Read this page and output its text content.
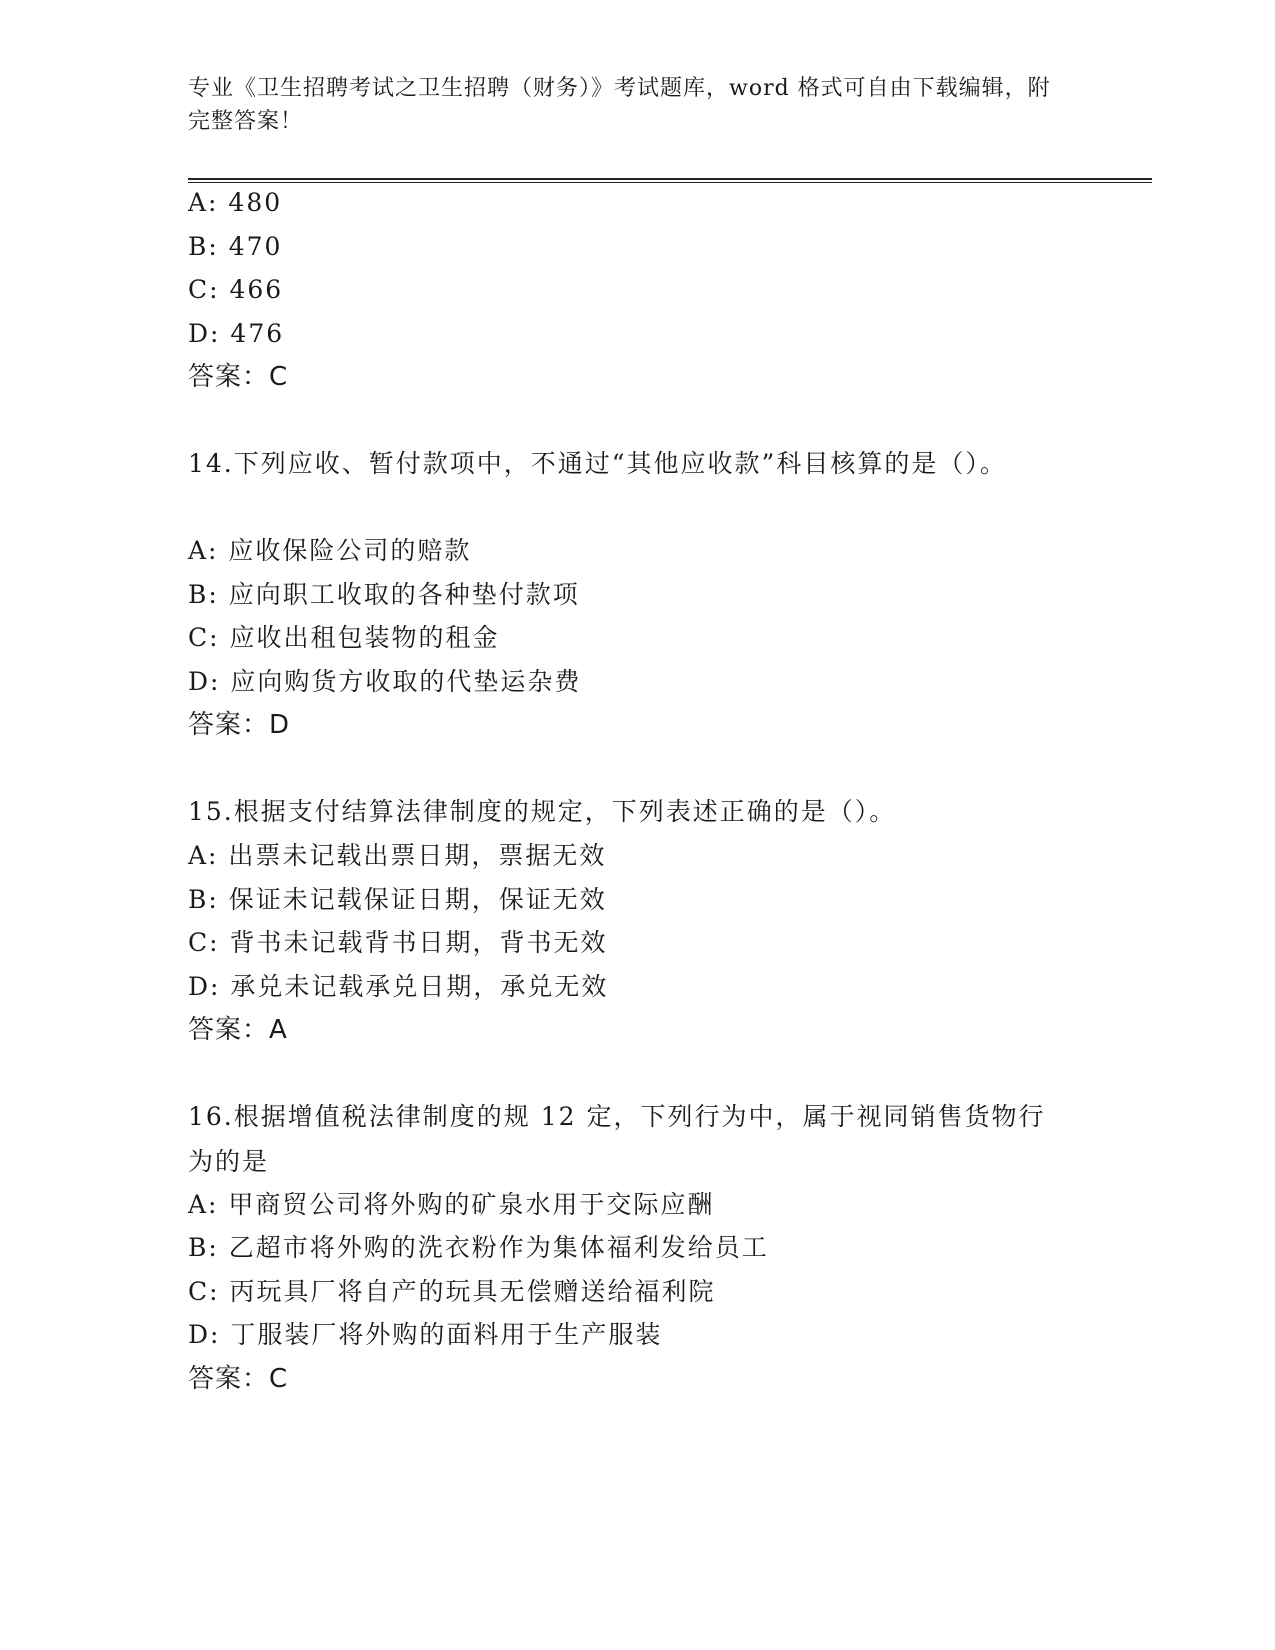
专业《卫生招聘考试之卫生招聘（财务）》考试题库，word 格式可自由下载编辑，附完整答案！
A: 480
B: 470
C: 466
D: 476
答案：C
14.下列应收、暂付款项中，不通过“其他应收款”科目核算的是（）。
A: 应收保险公司的赔款
B: 应向职工收取的各种垫付款项
C: 应收出租包装物的租金
D: 应向购货方收取的代垫运杂费
答案：D
15.根据支付结算法律制度的规定，下列表述正确的是（）。
A: 出票未记载出票日期，票据无效
B: 保证未记载保证日期，保证无效
C: 背书未记载背书日期，背书无效
D: 承兑未记载承兑日期，承兑无效
答案：A
16.根据增值税法律制度的规 12 定，下列行为中，属于视同销售货物行为的是
A: 甲商贸公司将外购的矿泉水用于交际应酬
B: 乙超市将外购的洗衣粉作为集体福利发给员工
C: 丙玩具厂将自产的玩具无偿赠送给福利院
D: 丁服装厂将外购的面料用于生产服装
答案：C
